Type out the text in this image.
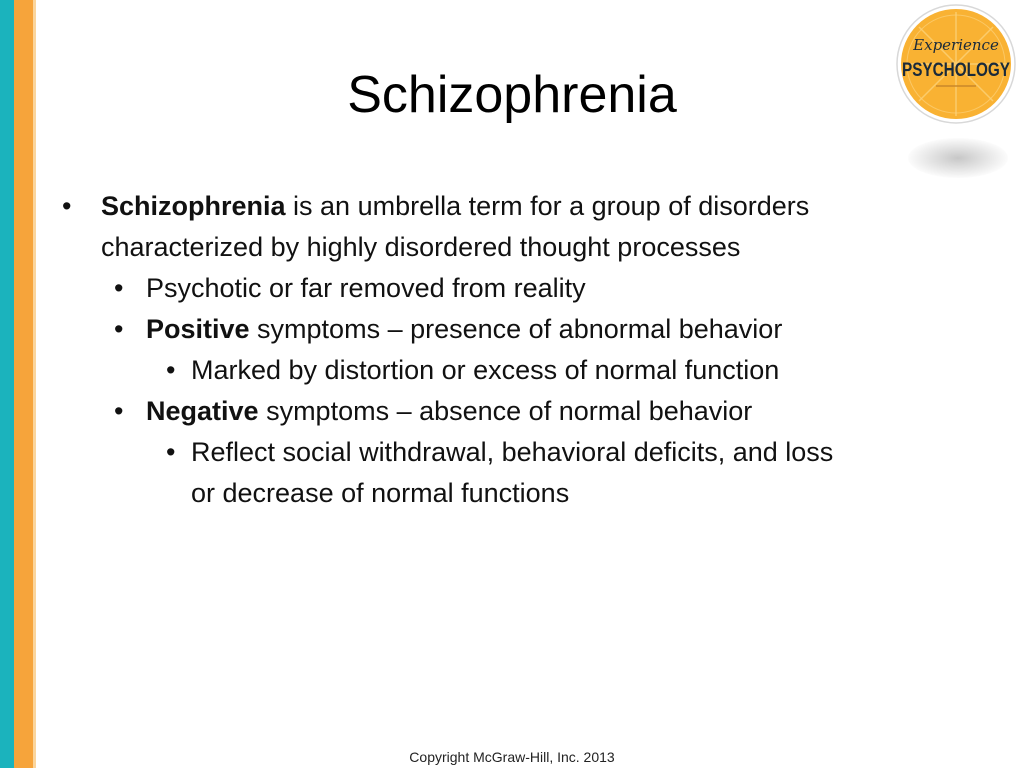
Schizophrenia
Experience
PSYCHOLOGY
• Schizophrenia is an umbrella term for a group of disorders
characterized by highly disordered thought processes
• Psychotic or far removed from reality
• Positive symptoms – presence of abnormal behavior
• Marked by distortion or excess of normal function
• Negative symptoms – absence of normal behavior
• Reflect social withdrawal, behavioral deficits, and loss
or decrease of normal functions
Copyright McGraw-Hill, Inc. 2013
